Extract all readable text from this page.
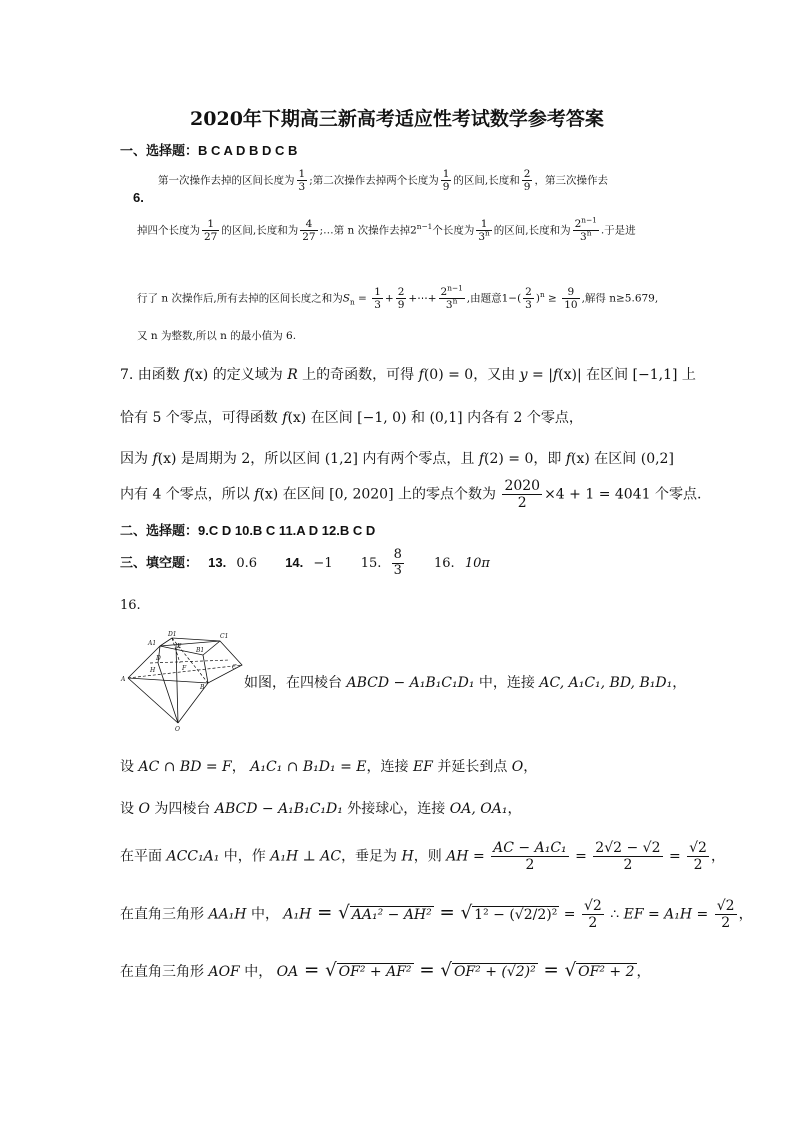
2020年下期高三新高考适应性考试数学参考答案
一、选择题：B C A D B D C B
6.
第一次操作去掉的区间长度为 $\frac{1}{3}$ ;第二次操作去掉两个长度为 $\frac{1}{9}$ 的区间,长度和 $\frac{2}{9}$ ，第三次操作去
掉四个长度为 $\frac{1}{27}$ 的区间,长度和为 $\frac{4}{27}$ ;…第 n 次操作去掉$2^{n-1}$个长度为 $\frac{1}{3^n}$ 的区间,长度和为 $\frac{2^{n-1}}{3^n}$ .于是进
行了 n 次操作后,所有去掉的区间长度之和为$S_n = \frac{1}{3} + \frac{2}{9}$ +⋯+ $\frac{2^{n-1}}{3^n}$ ,由题意$1-( \frac{2}{3} )^n \ge \frac{9}{10}$ ,解得 n≥5.679,
又 n 为整数,所以 n 的最小值为 6.
7. 由函数 f(x) 的定义域为 R 上的奇函数，可得 f(0) = 0，又由 y = |f(x)| 在区间 [−1,1] 上
恰有 5 个零点，可得函数 f(x) 在区间 [−1, 0) 和 (0,1] 内各有 2 个零点，
因为 f(x) 是周期为 2，所以区间 (1,2] 内有两个零点，且 f(2) = 0，即 f(x) 在区间 (0,2]
内有 4 个零点，所以 f(x) 在区间 [0, 2020] 上的零点个数为 $\frac{2020}{2} \times 4 + 1 = 4041$ 个零点.
二、选择题：9.C D 10.B C 11.A D 12.B C D
三、填空题： 13. 0.6 14. −1 15. $\frac{8}{3} 16$. 10π
16.
D1	C1
A1
B1
D
C
A
B
E
F
H
O
如图，在四棱台 ABCD − A₁B₁C₁D₁ 中，连接 AC, A₁C₁, BD, B₁D₁，
设 AC ∩ BD = F， A₁C₁ ∩ B₁D₁ = E，连接 EF 并延长到点 O，
设 O 为四棱台 ABCD − A₁B₁C₁D₁ 外接球心，连接 OA, OA₁，
在平面 ACC₁A₁ 中，作 A₁H ⊥ AC，垂足为 H，则 AH = $\frac{\text{AC − A₁C₁}}{2} = \frac{2√2 - √2}{2} = \frac{√2}{2}$ ，
在直角三角形 AA₁H 中， A₁H = √ AA₁² − AH² = √ $1^2 - (√2/2)^2 = \frac{√2}{2}$ ∴ EF = $A_1H = \frac{√2}{2}$ ，
在直角三角形 AOF 中， OA = √ OF² + AF² = √ OF² + (√2)² = √ OF² + 2 ，
